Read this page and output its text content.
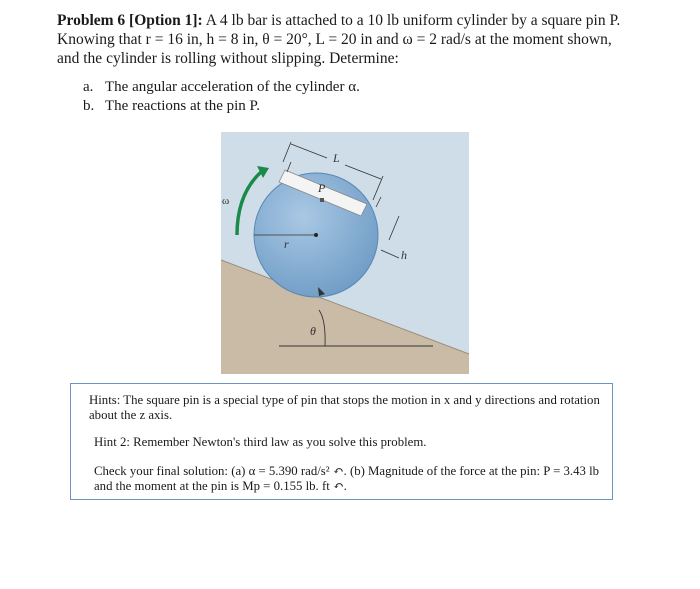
Problem 6 [Option 1]: A 4 lb bar is attached to a 10 lb uniform cylinder by a square pin P.
Knowing that r = 16 in, h = 8 in, θ = 20°, L = 20 in and ω = 2 rad/s at the moment shown,
and the cylinder is rolling without slipping. Determine:
a. The angular acceleration of the cylinder α.
b. The reactions at the pin P.
ω
L
P
r
h
θ
Hints: The square pin is a special type of pin that stops the motion in x and y directions and rotation about the z axis.
Hint 2: Remember Newton's third law as you solve this problem.
Check your final solution: (a) α = 5.390 rad/s² ↶. (b) Magnitude of the force at the pin: P = 3.43 lb and the moment at the pin is Mp = 0.155 lb. ft ↶.
